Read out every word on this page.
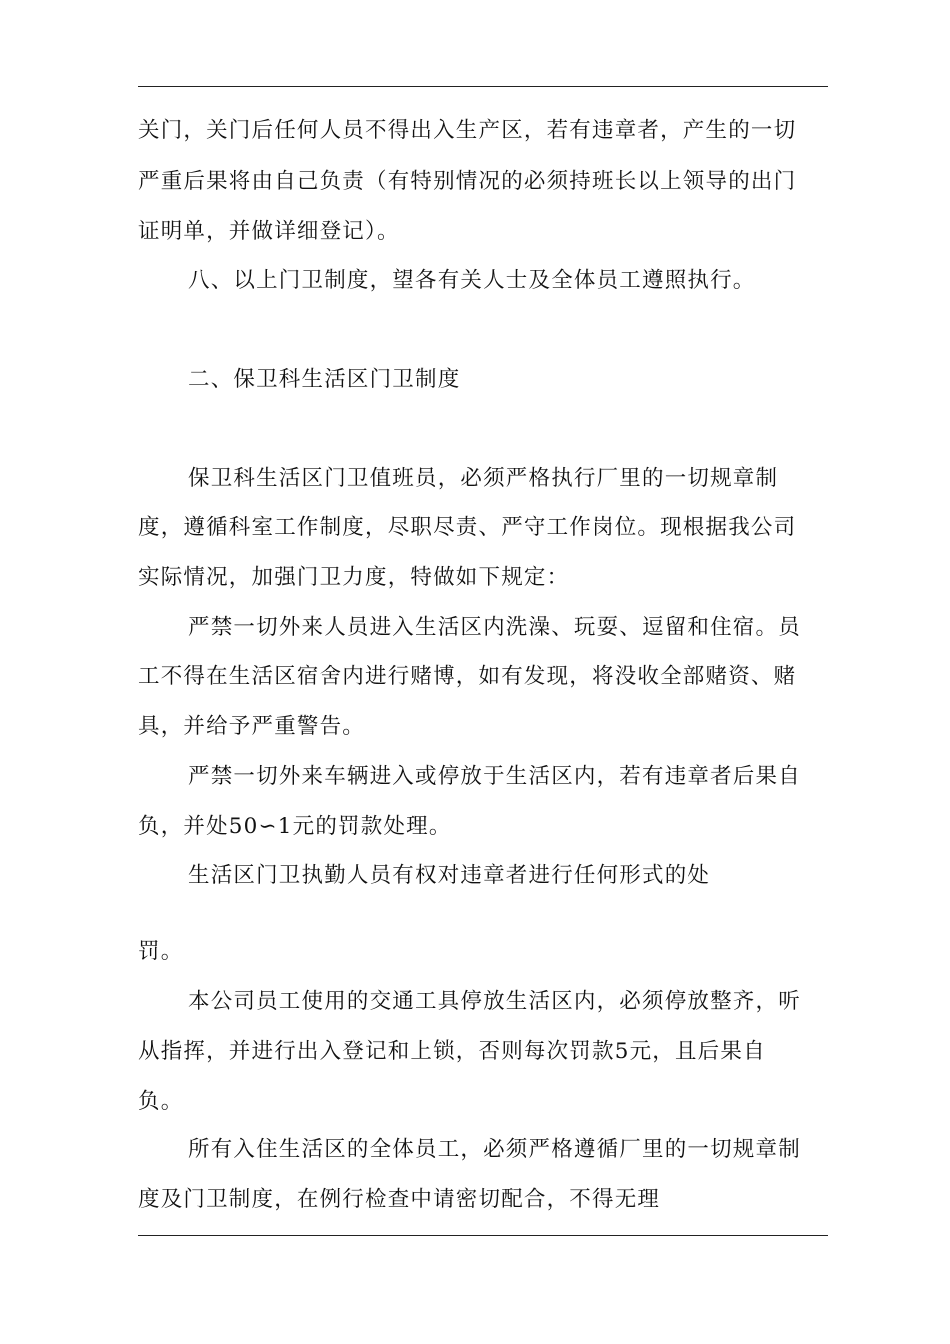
关门，关门后任何人员不得出入生产区，若有违章者，产生的一切
严重后果将由自己负责（有特别情况的必须持班长以上领导的出门
证明单，并做详细登记）。
八、以上门卫制度，望各有关人士及全体员工遵照执行。
二、保卫科生活区门卫制度
保卫科生活区门卫值班员，必须严格执行厂里的一切规章制
度，遵循科室工作制度，尽职尽责、严守工作岗位。现根据我公司
实际情况，加强门卫力度，特做如下规定：
严禁一切外来人员进入生活区内洗澡、玩耍、逗留和住宿。员
工不得在生活区宿舍内进行赌博，如有发现，将没收全部赌资、赌
具，并给予严重警告。
严禁一切外来车辆进入或停放于生活区内，若有违章者后果自
负，并处50∽1元的罚款处理。
生活区门卫执勤人员有权对违章者进行任何形式的处
罚。
本公司员工使用的交通工具停放生活区内，必须停放整齐，听
从指挥，并进行出入登记和上锁，否则每次罚款5元，且后果自
负。
所有入住生活区的全体员工，必须严格遵循厂里的一切规章制
度及门卫制度，在例行检查中请密切配合，不得无理
